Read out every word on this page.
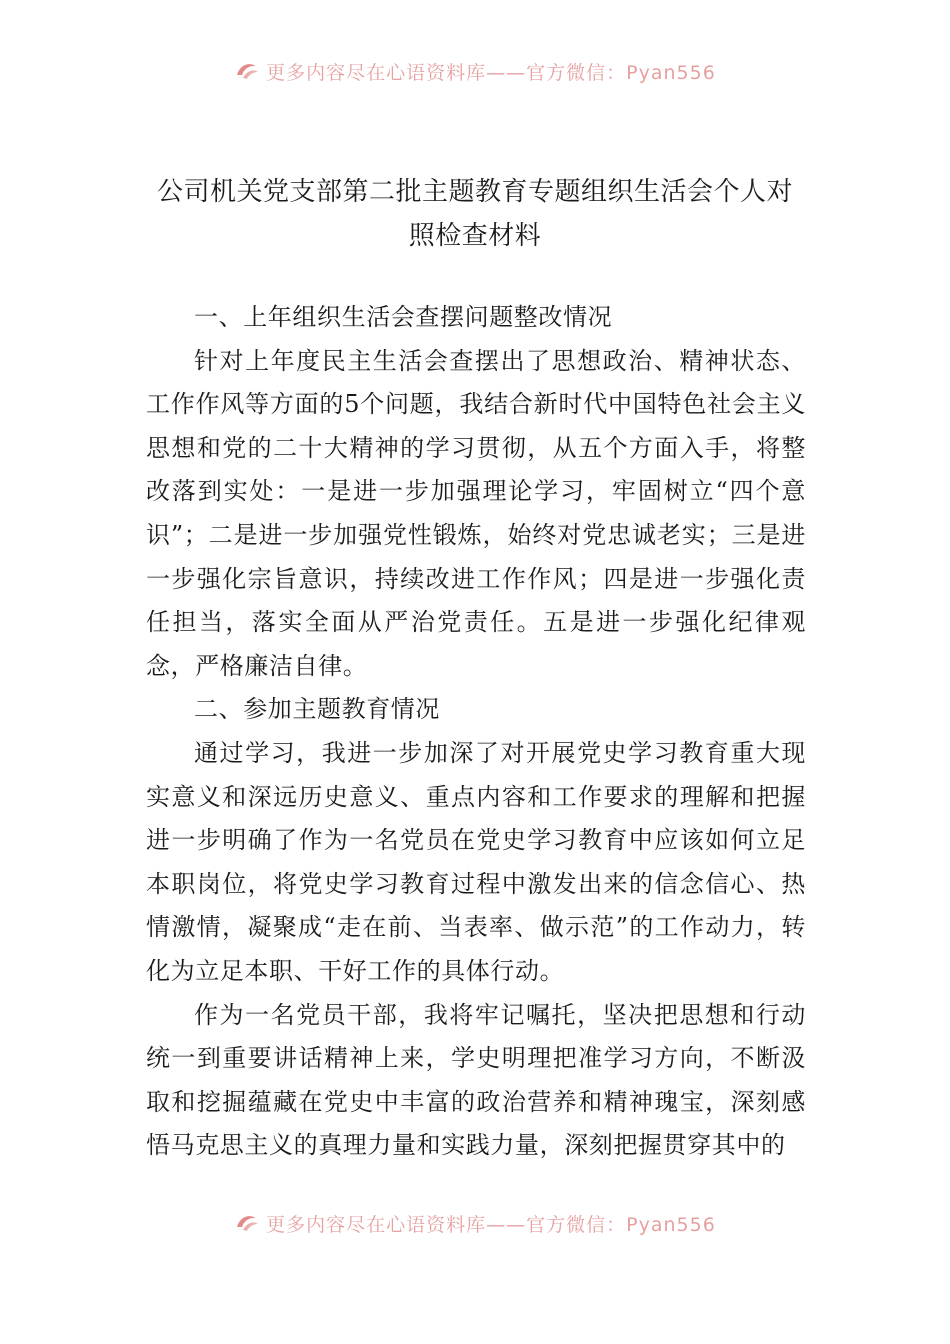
更多内容尽在心语资料库——官方微信：Pyan556
公司机关党支部第二批主题教育专题组织生活会个人对照检查材料

一、上年组织生活会查摆问题整改情况

针对上年度民主生活会查摆出了思想政治、精神状态、工作作风等方面的5个问题，我结合新时代中国特色社会主义思想和党的二十大精神的学习贯彻，从五个方面入手，将整改落到实处：一是进一步加强理论学习，牢固树立“四个意识”；二是进一步加强党性锻炼，始终对党忠诚老实；三是进一步强化宗旨意识，持续改进工作作风；四是进一步强化责任担当，落实全面从严治党责任。五是进一步强化纪律观念，严格廉洁自律。

二、参加主题教育情况

通过学习，我进一步加深了对开展党史学习教育重大现实意义和深远历史意义、重点内容和工作要求的理解和把握进一步明确了作为一名党员在党史学习教育中应该如何立足本职岗位，将党史学习教育过程中激发出来的信念信心、热情激情，凝聚成“走在前、当表率、做示范”的工作动力，转化为立足本职、干好工作的具体行动。

作为一名党员干部，我将牢记嘱托，坚决把思想和行动统一到重要讲话精神上来，学史明理把准学习方向，不断汲取和挖掘蕴藏在党史中丰富的政治营养和精神瑰宝，深刻感悟马克思主义的真理力量和实践力量，深刻把握贯穿其中的

更多内容尽在心语资料库——官方微信：Pyan556
